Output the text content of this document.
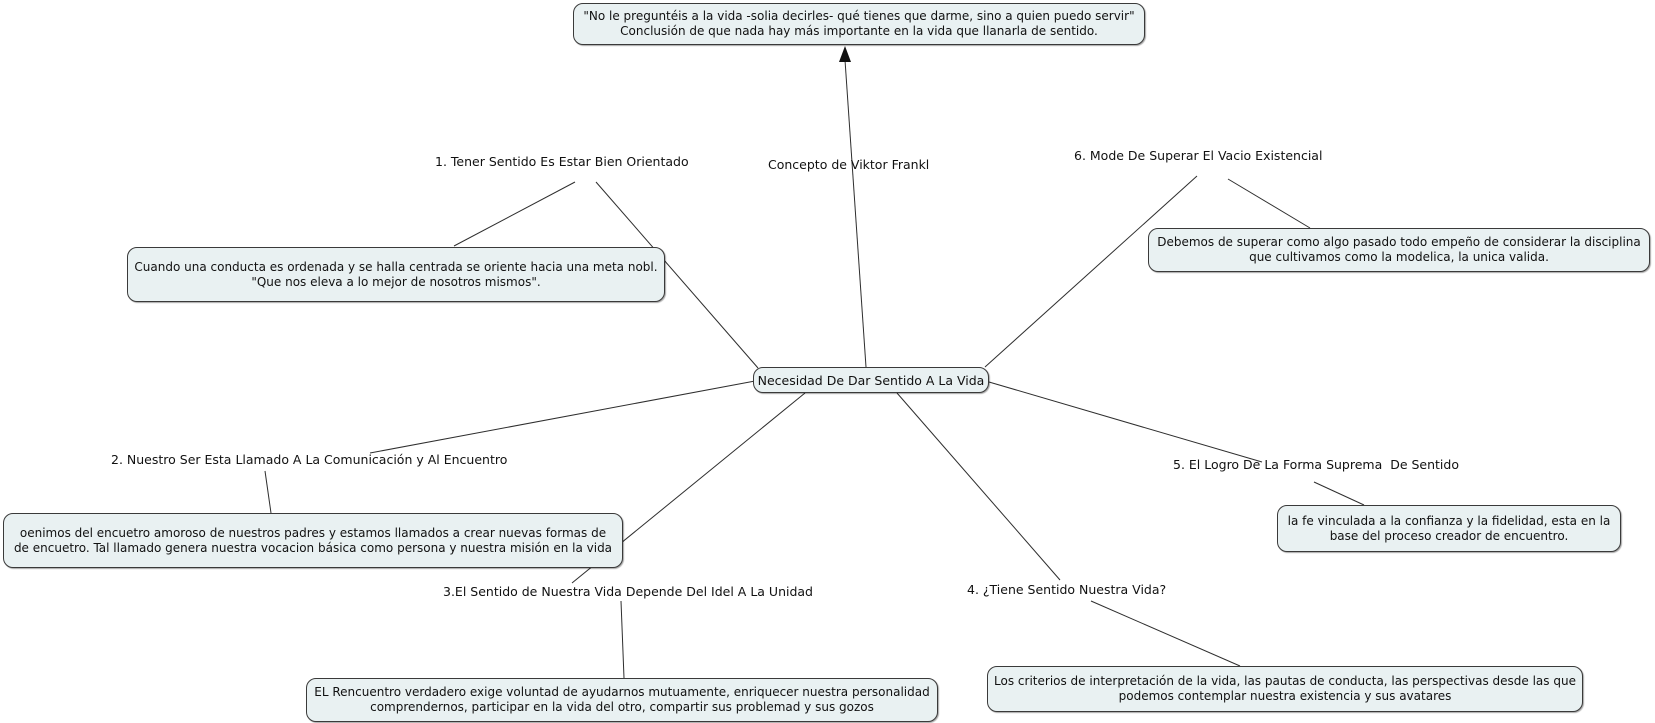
"No le preguntéis a la vida -solia decirles- qué tienes que darme, sino a quien puedo servir"
Conclusión de que nada hay más importante en la vida que llanarla de sentido.
Necesidad De Dar Sentido A La Vida
Concepto de Viktor Frankl
1. Tener Sentido Es Estar Bien Orientado
2. Nuestro Ser Esta Llamado A La Comunicación y Al Encuentro
3.El Sentido de Nuestra Vida Depende Del Idel A La Unidad	4. ¿Tiene Sentido Nuestra Vida?
5. El Logro De La Forma Suprema  De Sentido
6. Mode De Superar El Vacio Existencial
Cuando una conducta es ordenada y se halla centrada se oriente hacia una meta nobl.
"Que nos eleva a lo mejor de nosotros mismos".
oenimos del encuetro amoroso de nuestros padres y estamos llamados a crear nuevas formas de
de encuetro. Tal llamado genera nuestra vocacion básica como persona y nuestra misión en la vida
EL Rencuentro verdadero exige voluntad de ayudarnos mutuamente, enriquecer nuestra personalidad
comprendernos, participar en la vida del otro, compartir sus problemad y sus gozos
Los criterios de interpretación de la vida, las pautas de conducta, las perspectivas desde las que
podemos contemplar nuestra existencia y sus avatares
la fe vinculada a la confianza y la fidelidad, esta en la
base del proceso creador de encuentro.
Debemos de superar como algo pasado todo empeño de considerar la disciplina
que cultivamos como la modelica, la unica valida.
